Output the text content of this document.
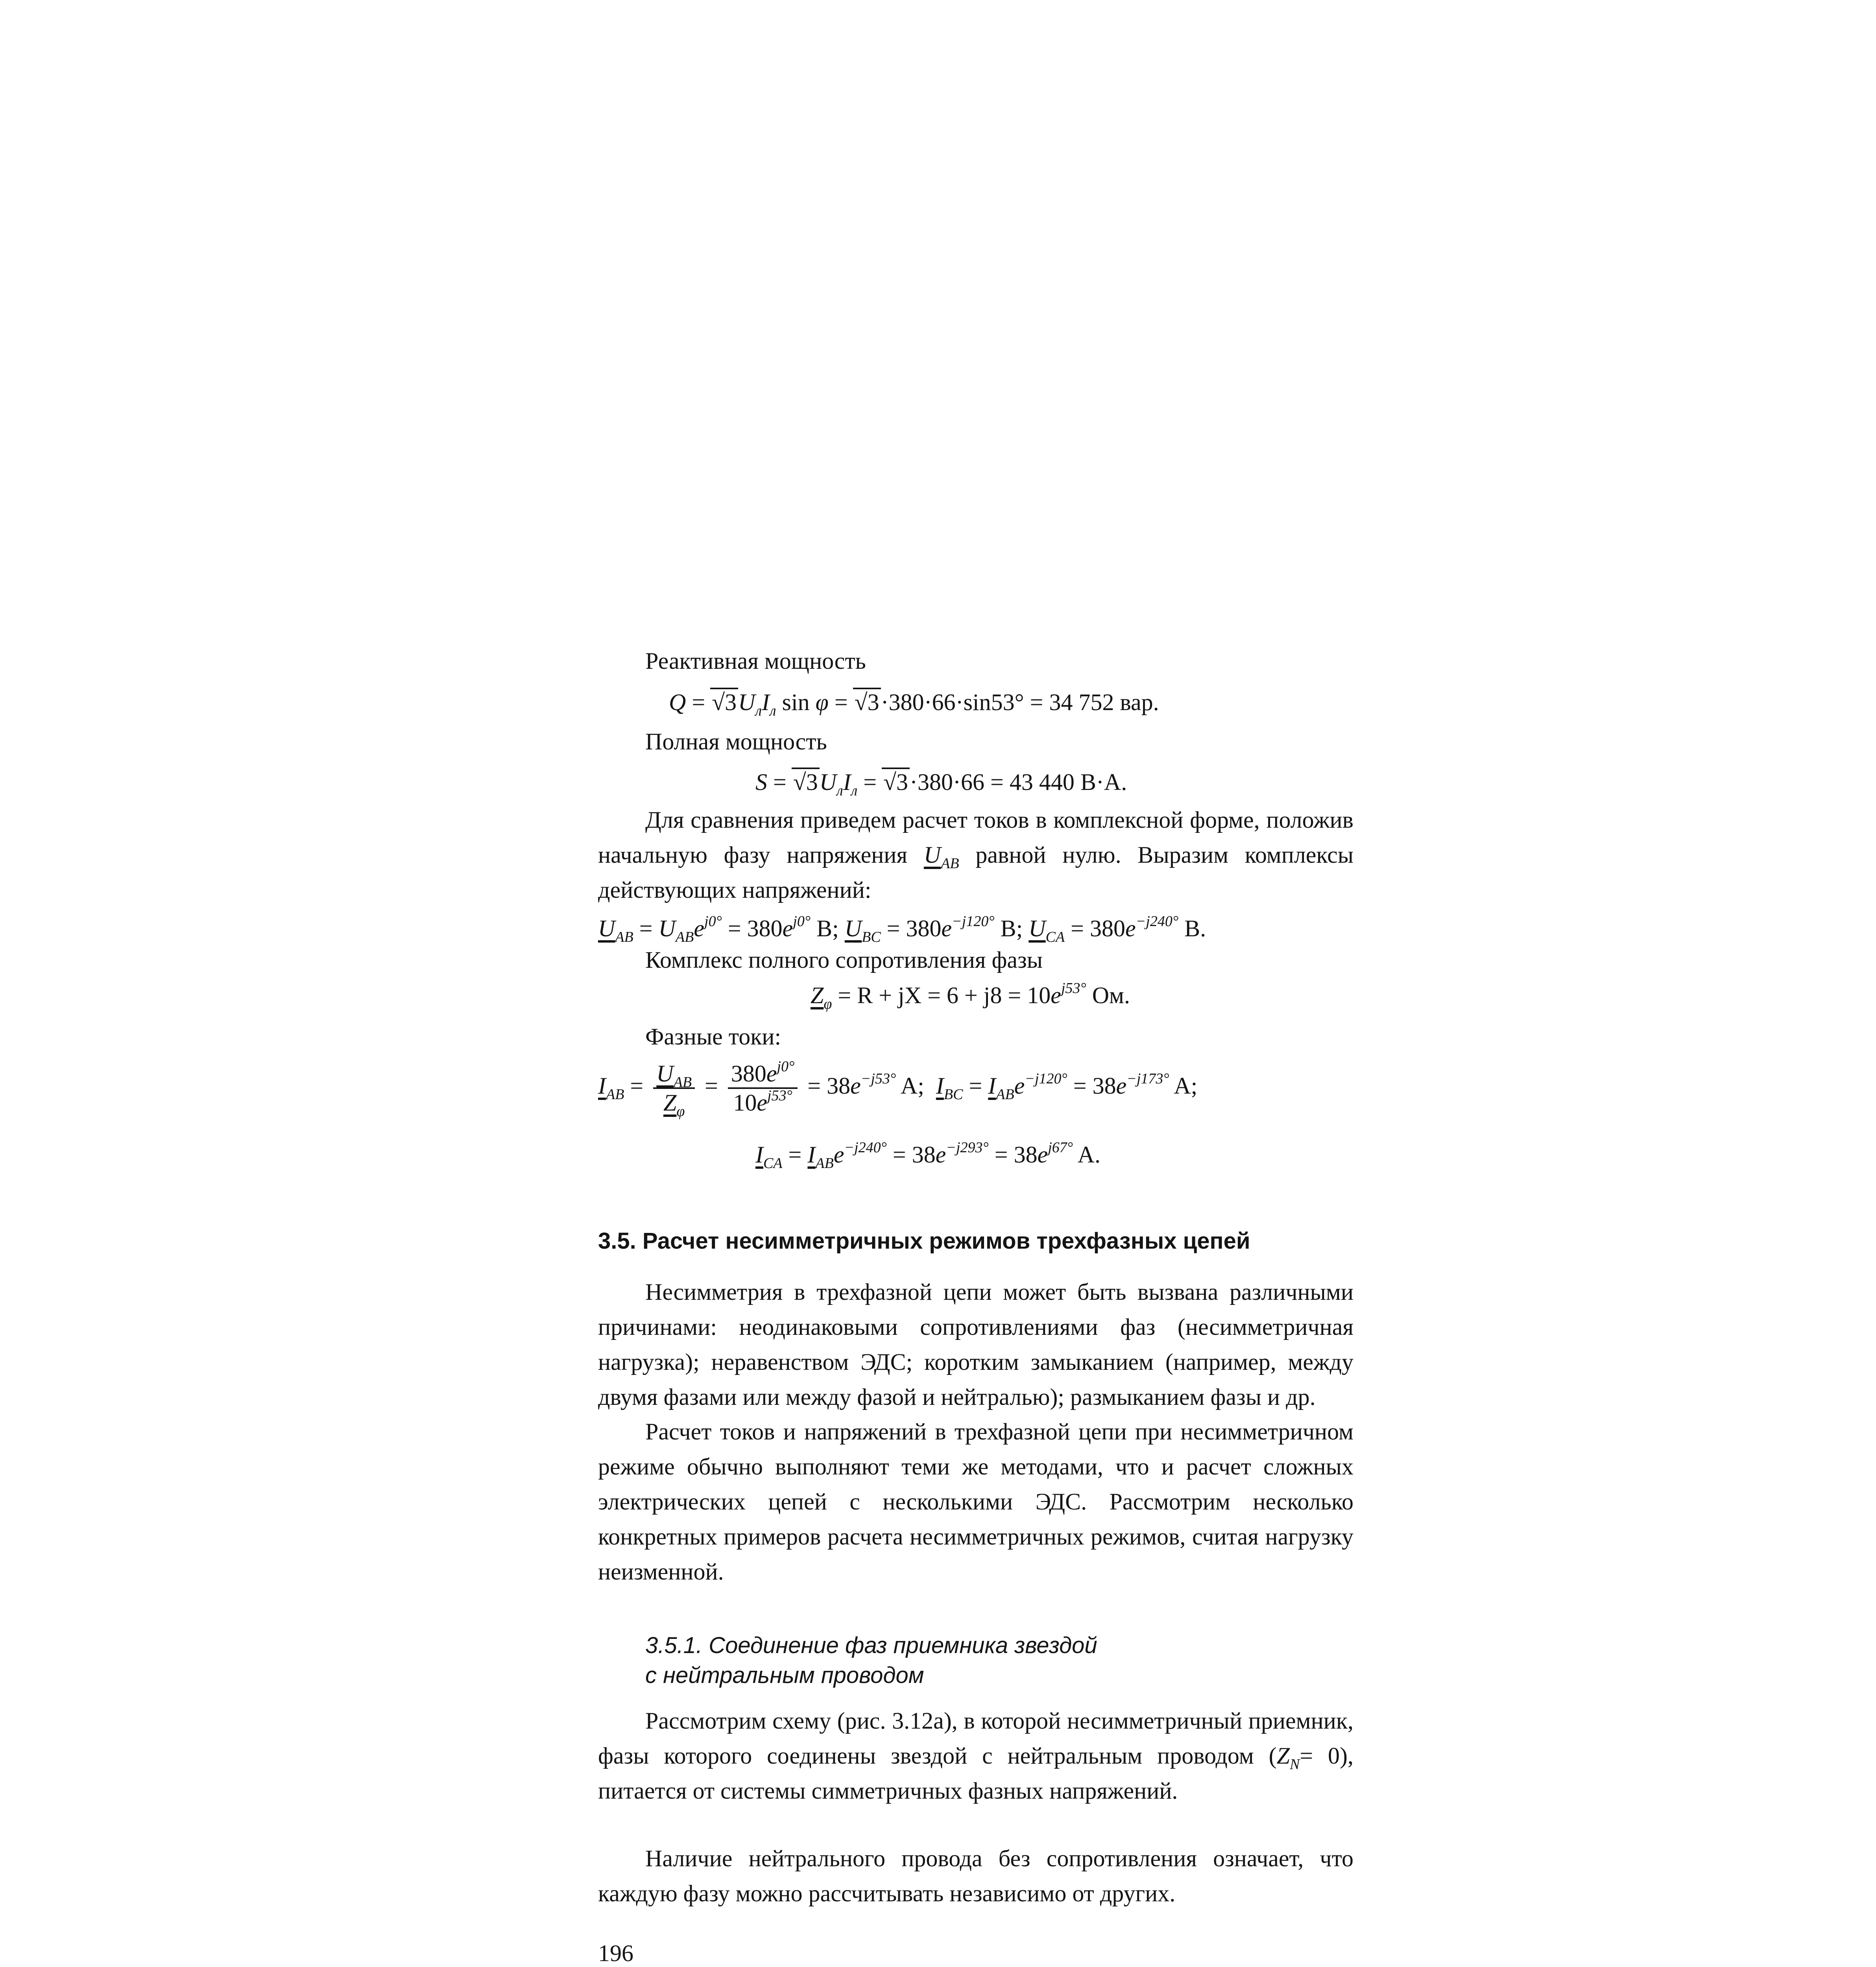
Реактивная мощность

$Q = √3U_лI_л$ sin φ = √3·380·66·sin53° = 34 752 вар.

Полная мощность

$S = √3U_лI_л = √3\cdot 380\cdot 66 = 43$ 440 В·А.

Для сравнения приведем расчет токов в комплексной форме, положив начальную фазу напряжения $U_{AB}$ равной нулю. Выразим комплексы действующих напряжений:

$U_{AB} = U_{AB}e^{j0^\circ} = 380e^{j0^\circ}$ В; $U_{BC} = 380e^{-j120^\circ}$ В; $U_{CA} = 380e^{-j240^\circ}$ В.

Комплекс полного сопротивления фазы

$Z_\varphi = R$ + jX = $6 + j8 = 10e^{j53^\circ}$ Ом.

Фазные токи:

$I_{AB} = \frac{U_{AB}}{Z_\varphi} = \frac{380e^{j0^\circ}}{10e^{j53^\circ}} = 38e^{-j53^\circ}$ A; $I_{BC} = I_{AB}e^{-j120^\circ} = 38e^{-j173^\circ}$ A;

$I_{CA} = I_{AB}e^{-j240^\circ} = 38e^{-j293^\circ} = 38e^{j67^\circ}$ A.

3.5. Расчет несимметричных режимов трехфазных цепей

Несимметрия в трехфазной цепи может быть вызвана различными причинами: неодинаковыми сопротивлениями фаз (несимметричная нагрузка); неравенством ЭДС; коротким замыканием (например, между двумя фазами или между фазой и нейтралью); размыканием фазы и др.

Расчет токов и напряжений в трехфазной цепи при несимметричном режиме обычно выполняют теми же методами, что и расчет сложных электрических цепей с несколькими ЭДС. Рассмотрим несколько конкретных примеров расчета несимметричных режимов, считая нагрузку неизменной.

3.5.1. Соединение фаз приемника звездой
с нейтральным проводом

Рассмотрим схему (рис. 3.12а), в которой несимметричный приемник, фазы которого соединены звездой с нейтральным проводом $(Z_N= 0)$, питается от системы симметричных фазных напряжений.

Наличие нейтрального провода без сопротивления означает, что каждую фазу можно рассчитывать независимо от других.

196
